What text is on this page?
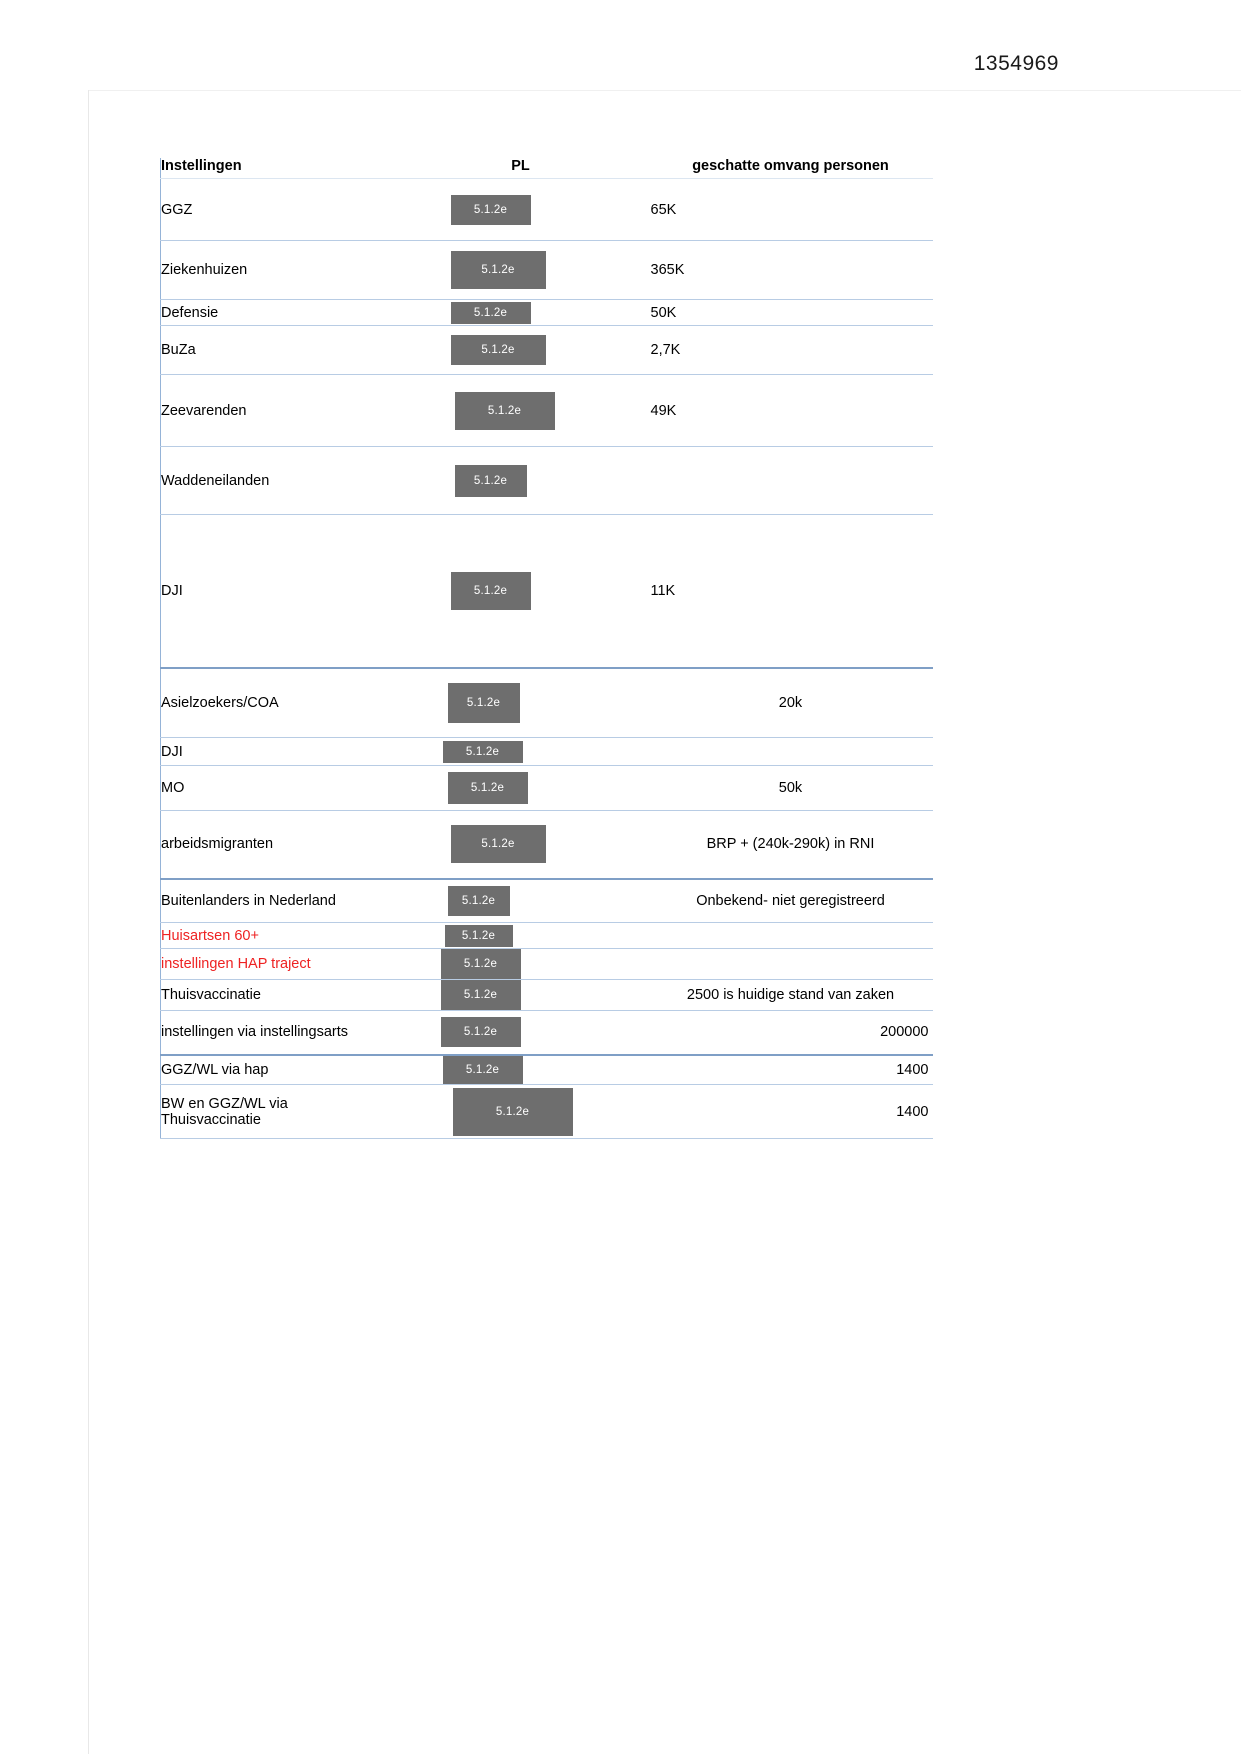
1354969
Instellingen	PL	geschatte omvang personen

GGZ	5.1.2e	65K

Ziekenhuizen	5.1.2e	365K

Defensie	5.1.2e	50K

BuZa	5.1.2e	2,7K

Zeevarenden	5.1.2e	49K

Waddeneilanden	5.1.2e	

DJI	5.1.2e	11K

Asielzoekers/COA	5.1.2e	20k

DJI	5.1.2e	

MO	5.1.2e	50k

arbeidsmigranten	5.1.2e	BRP + (240k-290k) in RNI

Buitenlanders in Nederland	5.1.2e	Onbekend- niet geregistreerd

Huisartsen 60+	5.1.2e	

instellingen HAP traject	5.1.2e	

Thuisvaccinatie	5.1.2e	2500 is huidige stand van zaken

instellingen via instellingsarts	5.1.2e	200000

GGZ/WL via hap	5.1.2e	1400

BW en GGZ/WL via Thuisvaccinatie	5.1.2e	1400
